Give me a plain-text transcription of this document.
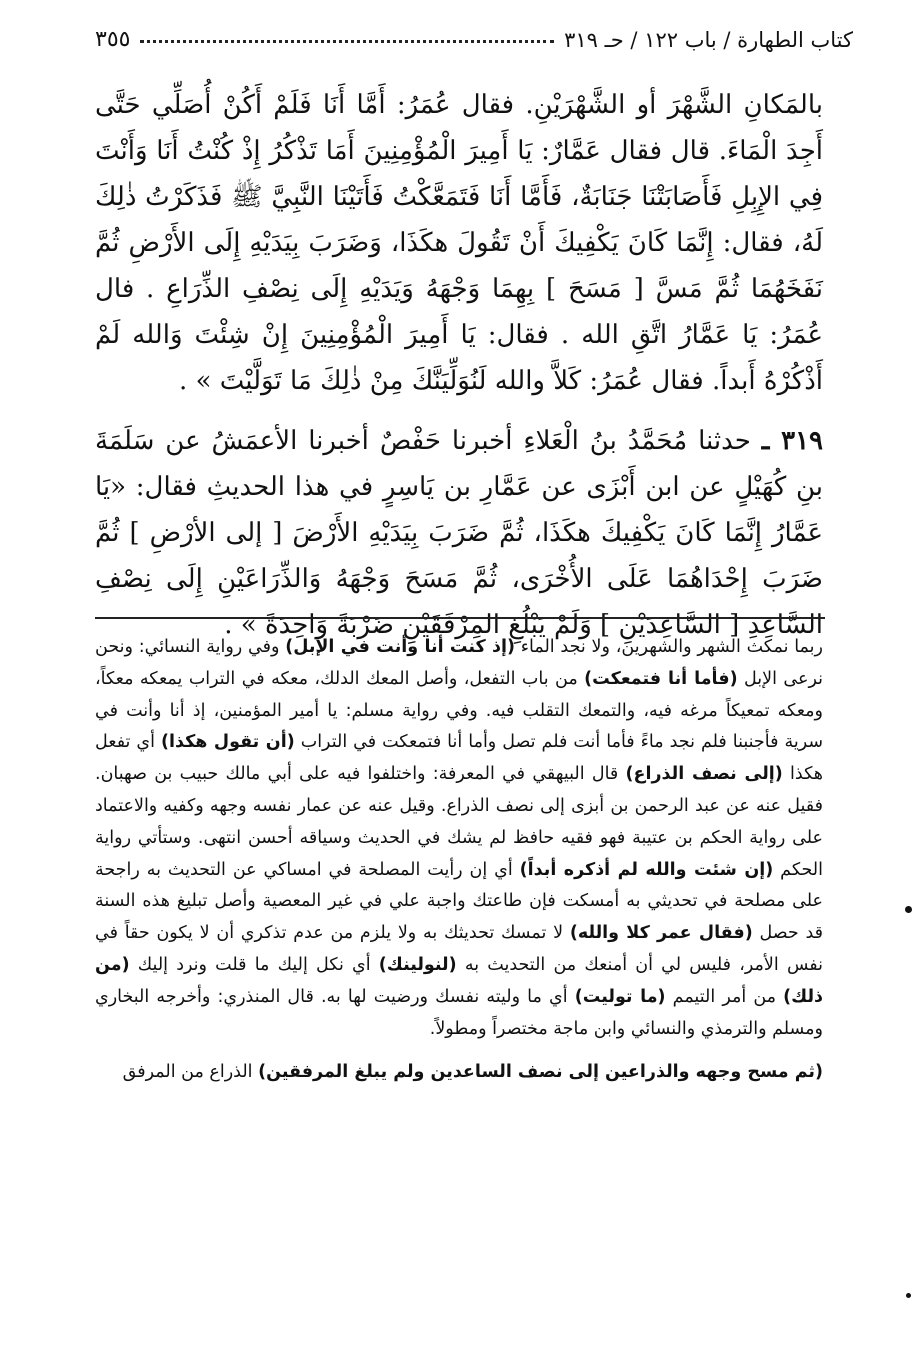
كتاب الطهارة / باب ١٢٢ / حـ ٣١٩
٣٥٥

بالمَكانِ الشَّهْرَ أو الشَّهْرَيْنِ. فقال عُمَرُ: أَمَّا أَنَا فَلَمْ أَكُنْ أُصَلِّي حَتَّى أَجِدَ الْمَاءَ. قال فقال عَمَّارٌ: يَا أَمِيرَ الْمُؤْمِنِينَ أَمَا تَذْكُرُ إِذْ كُنْتُ أَنَا وَأَنْتَ فِي الإِبِلِ فَأَصَابَتْنَا جَنَابَةٌ، فَأَمَّا أَنَا فَتَمَعَّكْتُ فَأَتَيْنَا النَّبِيَّ ﷺ فَذَكَرْتُ ذٰلِكَ لَهُ، فقال: إِنَّمَا كَانَ يَكْفِيكَ أَنْ تَقُولَ هكَذَا، وَضَرَبَ بِيَدَيْهِ إِلَى الأَرْضِ ثُمَّ نَفَخَهُمَا ثُمَّ مَسَّ [ مَسَحَ ] بِهِمَا وَجْهَهُ وَيَدَيْهِ إِلَى نِصْفِ الذِّرَاعِ . فال عُمَرُ: يَا عَمَّارُ اتَّقِ الله . فقال: يَا أَمِيرَ الْمُؤْمِنِينَ إِنْ شِئْتَ وَالله لَمْ أَذْكُرْهُ أَبداً. فقال عُمَرُ: كَلاَّ والله لَنُوَلِّيَنَّكَ مِنْ ذٰلِكَ مَا تَوَلَّيْتَ » .

٣١٩ ـ حدثنا مُحَمَّدُ بنُ الْعَلاءِ أخبرنا حَفْصٌ أخبرنا الأعمَشُ عن سَلَمَةَ بنِ كُهَيْلٍ عن ابن أَبْزَى عن عَمَّارِ بن يَاسِرٍ في هذا الحديثِ فقال: «يَا عَمَّارُ إِنَّمَا كَانَ يَكْفِيكَ هكَذَا، ثُمَّ ضَرَبَ بِيَدَيْهِ الأَرْضَ [ إلى الأرْضِ ] ثُمَّ ضَرَبَ إِحْدَاهُمَا عَلَى الأُخْرَى، ثُمَّ مَسَحَ وَجْهَهُ وَالذِّرَاعَيْنِ إِلَى نِصْفِ السَّاعِدِ [ السَّاعِدَيْنِ ] وَلَمْ يَبْلُغِ المِرْفَقَيْنِ ضَرْبَةً وَاحِدَةً » .

ربما نمكث الشهر والشهرين، ولا نجد الماء (إذ كنت أنا وأنت في الإبل) وفي رواية النسائي: ونحن نرعى الإبل (فأما أنا فتمعكت) من باب التفعل، وأصل المعك الدلك، معكه في التراب يمعكه معكاً، ومعكه تمعيكاً مرغه فيه، والتمعك التقلب فيه. وفي رواية مسلم: يا أمير المؤمنين، إذ أنا وأنت في سرية فأجنبنا فلم نجد ماءً فأما أنت فلم تصل وأما أنا فتمعكت في التراب (أن تقول هكذا) أي تفعل هكذا (إلى نصف الذراع) قال البيهقي في المعرفة: واختلفوا فيه على أبي مالك حبيب بن صهبان. فقيل عنه عن عبد الرحمن بن أبزى إلى نصف الذراع. وقيل عنه عن عمار نفسه وجهه وكفيه والاعتماد على رواية الحكم بن عتيبة فهو فقيه حافظ لم يشك في الحديث وسياقه أحسن انتهى. وستأتي رواية الحكم (إن شئت والله لم أذكره أبداً) أي إن رأيت المصلحة في امساكي عن التحديث به راجحة على مصلحة في تحديثي به أمسكت فإن طاعتك واجبة علي في غير المعصية وأصل تبليغ هذه السنة قد حصل (فقال عمر كلا والله) لا تمسك تحديثك به ولا يلزم من عدم تذكري أن لا يكون حقاً في نفس الأمر، فليس لي أن أمنعك من التحديث به (لنولينك) أي نكل إليك ما قلت ونرد إليك (من ذلك) من أمر التيمم (ما توليت) أي ما وليته نفسك ورضيت لها به. قال المنذري: وأخرجه البخاري ومسلم والترمذي والنسائي وابن ماجة مختصراً ومطولاً.

(ثم مسح وجهه والذراعين إلى نصف الساعدين ولم يبلغ المرفقين) الذراع من المرفق
